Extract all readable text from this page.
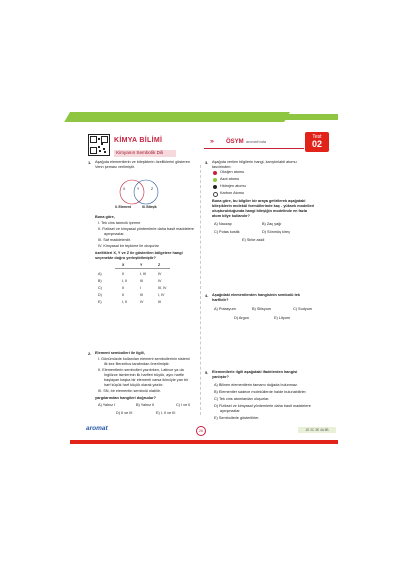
KİMYA BİLİMİ
Kimyanın Sembolik Dili
››› ÖSYM aromat'ında
Test
02
1. Aşağıda elementlerin ve bileşiklerin özelliklerini gösteren
Venn şeması verilmiştir.
X	Y	Z
II. Element	III. Bileşik
Buna göre,
I. Tek cins tanecik içerme
II. Fiziksel ve kimyasal yöntemlerle daha basit maddelere
ayrışmazlar.
III. Saf maddelerdir.
IV. Kimyasal bir tepkime ile oluşurlar
özellikleri X, Y ve Z ile gösterilen bölgelere hangi
seçenekte doğru yerleştirilmiştir?
X	Y	Z
A)	II	I, III	IV
B)	I, II	III	IV
C)	II	I	III, IV
D)	II	III	I, IV
E)	I, II	IV	III
2. Element sembolleri ile ilgili,
I. Günümüzde kullanılan element sembollerinin sistemi
ilk kez Berzelius tarafından önerilmiştir.
II. Elementlerin sembolleri yazılırken, Latince ya da
İngilizce isimlerinin ilk harfleri büyük, aynı harfle
başlayan başka bir elementi varsa ikinciyle yan bir
harf küçük harf küçük olarak yazılır.
III. SN, bir elementin sembolü olabilir.
yargılarından hangileri doğrudur?
A) Yalnız I	B) Yalnız II	C) I ve II
D) II ve III	E) I, II ve III
3. Aşağıda verilen bilgilerin hangi, karıştırılabil atomu
tasvirinden:
Oksijen atomu
Azot atomu
Hidrojen atomu
Karbon Atomu
Buna göre, bu bilgiler bir araya getirilerek aşağıdaki
bileşiklerin molekül formüllerinde kaç - yüksek modelleri
oluşturulduğunda hangi bileşiğin modelinde en fazla
atom bilye kullanılır?
A) Naczap	B) Zaç yağı
C) Potas kostik	D) Sönmüş kireç
E) Sirke asidi
4. Aşağıdaki elementlerden hangisinin sembolü tek
harflidir?
A) Potasyum	B) Silisyum	C) Sodyum
D) Argon	E) Lityum
5. Elementlerle ilgili aşağıdaki ifadelerden hangisi
yanlıştır?
A) Bilinen elementlerin tamamı doğada bulunmaz.
B) Elementler sadece moleküllerde halde bulunabilirler.
C) Tek cins atomlardan oluşurlar.
D) Fiziksel ve kimyasal yöntemlerle daha basit maddelere
ayrışmazlar.
E) Sembollerle gösterilirler.
aromat	26	1E 2C 3E 4A 5B
